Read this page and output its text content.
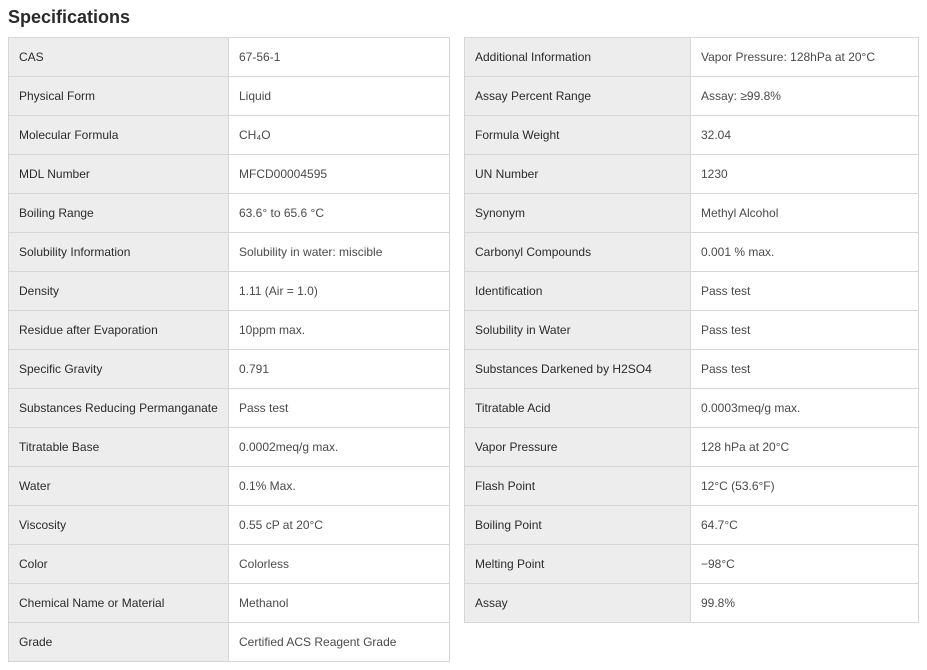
Specifications
CAS	67-56-1
Physical Form	Liquid
Molecular Formula	CH₄O
MDL Number	MFCD00004595
Boiling Range	63.6° to 65.6 °C
Solubility Information	Solubility in water: miscible
Density	1.11 (Air = 1.0)
Residue after Evaporation	10ppm max.
Specific Gravity	0.791
Substances Reducing Permanganate	Pass test
Titratable Base	0.0002meq/g max.
Water	0.1% Max.
Viscosity	0.55 cP at 20°C
Color	Colorless
Chemical Name or Material	Methanol
Grade	Certified ACS Reagent Grade
Additional Information	Vapor Pressure: 128hPa at 20°C
Assay Percent Range	Assay: ≥99.8%
Formula Weight	32.04
UN Number	1230
Synonym	Methyl Alcohol
Carbonyl Compounds	0.001 % max.
Identification	Pass test
Solubility in Water	Pass test
Substances Darkened by H2SO4	Pass test
Titratable Acid	0.0003meq/g max.
Vapor Pressure	128 hPa at 20°C
Flash Point	12°C (53.6°F)
Boiling Point	64.7°C
Melting Point	−98°C
Assay	99.8%
